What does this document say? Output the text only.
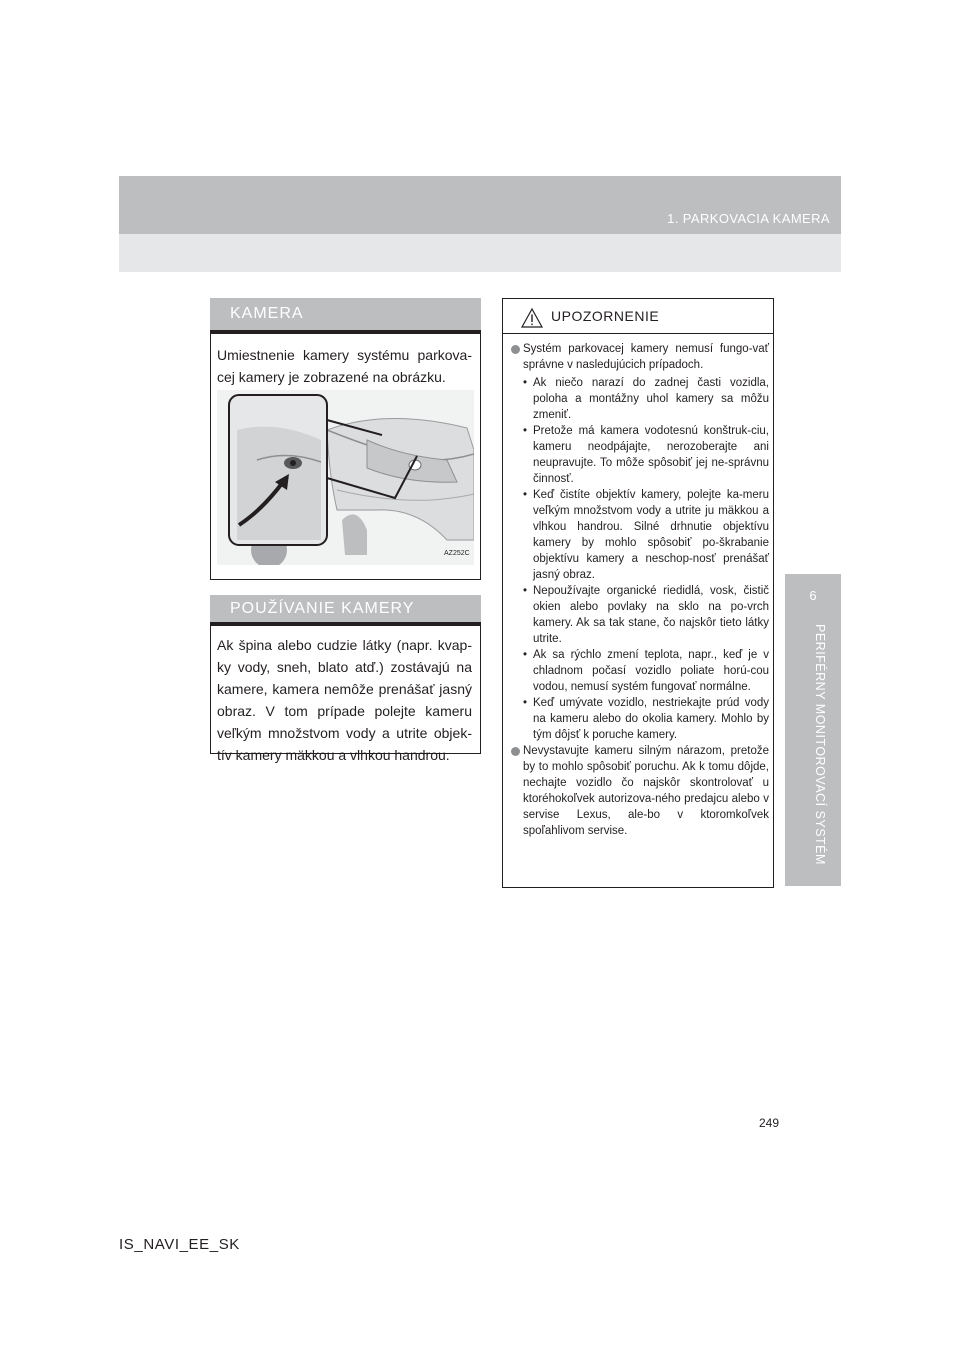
1. PARKOVACIA KAMERA
6
PERIFÉRNY MONITOROVACÍ SYSTÉM
KAMERA
Umiestnenie kamery systému parkova-cej kamery je zobrazené na obrázku.
AZ252C
POUŽÍVANIE KAMERY
Ak špina alebo cudzie látky (napr. kvap-ky vody, sneh, blato atď.) zostávajú na kamere, kamera nemôže prenášať jasný obraz. V tom prípade polejte kameru veľkým množstvom vody a utrite objek-tív kamery mäkkou a vlhkou handrou.
UPOZORNENIE
Systém parkovacej kamery nemusí fungo-vať správne v nasledujúcich prípadoch.
• Ak niečo narazí do zadnej časti vozidla, poloha a montážny uhol kamery sa môžu zmeniť.
• Pretože má kamera vodotesnú konštruk-ciu, kameru neodpájajte, nerozoberajte ani neupravujte. To môže spôsobiť jej ne-správnu činnosť.
• Keď čistíte objektív kamery, polejte ka-meru veľkým množstvom vody a utrite ju mäkkou a vlhkou handrou. Silné drhnutie objektívu kamery by mohlo spôsobiť po-škrabanie objektívu kamery a neschop-nosť prenášať jasný obraz.
• Nepoužívajte organické riedidlá, vosk, čistič okien alebo povlaky na sklo na po-vrch kamery. Ak sa tak stane, čo najskôr tieto látky utrite.
• Ak sa rýchlo zmení teplota, napr., keď je v chladnom počasí vozidlo poliate horú-cou vodou, nemusí systém fungovať normálne.
• Keď umývate vozidlo, nestriekajte prúd vody na kameru alebo do okolia kamery. Mohlo by tým dôjsť k poruche kamery.
Nevystavujte kameru silným nárazom, pretože by to mohlo spôsobiť poruchu. Ak k tomu dôjde, nechajte vozidlo čo najskôr skontrolovať u ktoréhokoľvek autorizova-ného predajcu alebo v servise Lexus, ale-bo v ktoromkoľvek spoľahlivom servise.
249
IS_NAVI_EE_SK
